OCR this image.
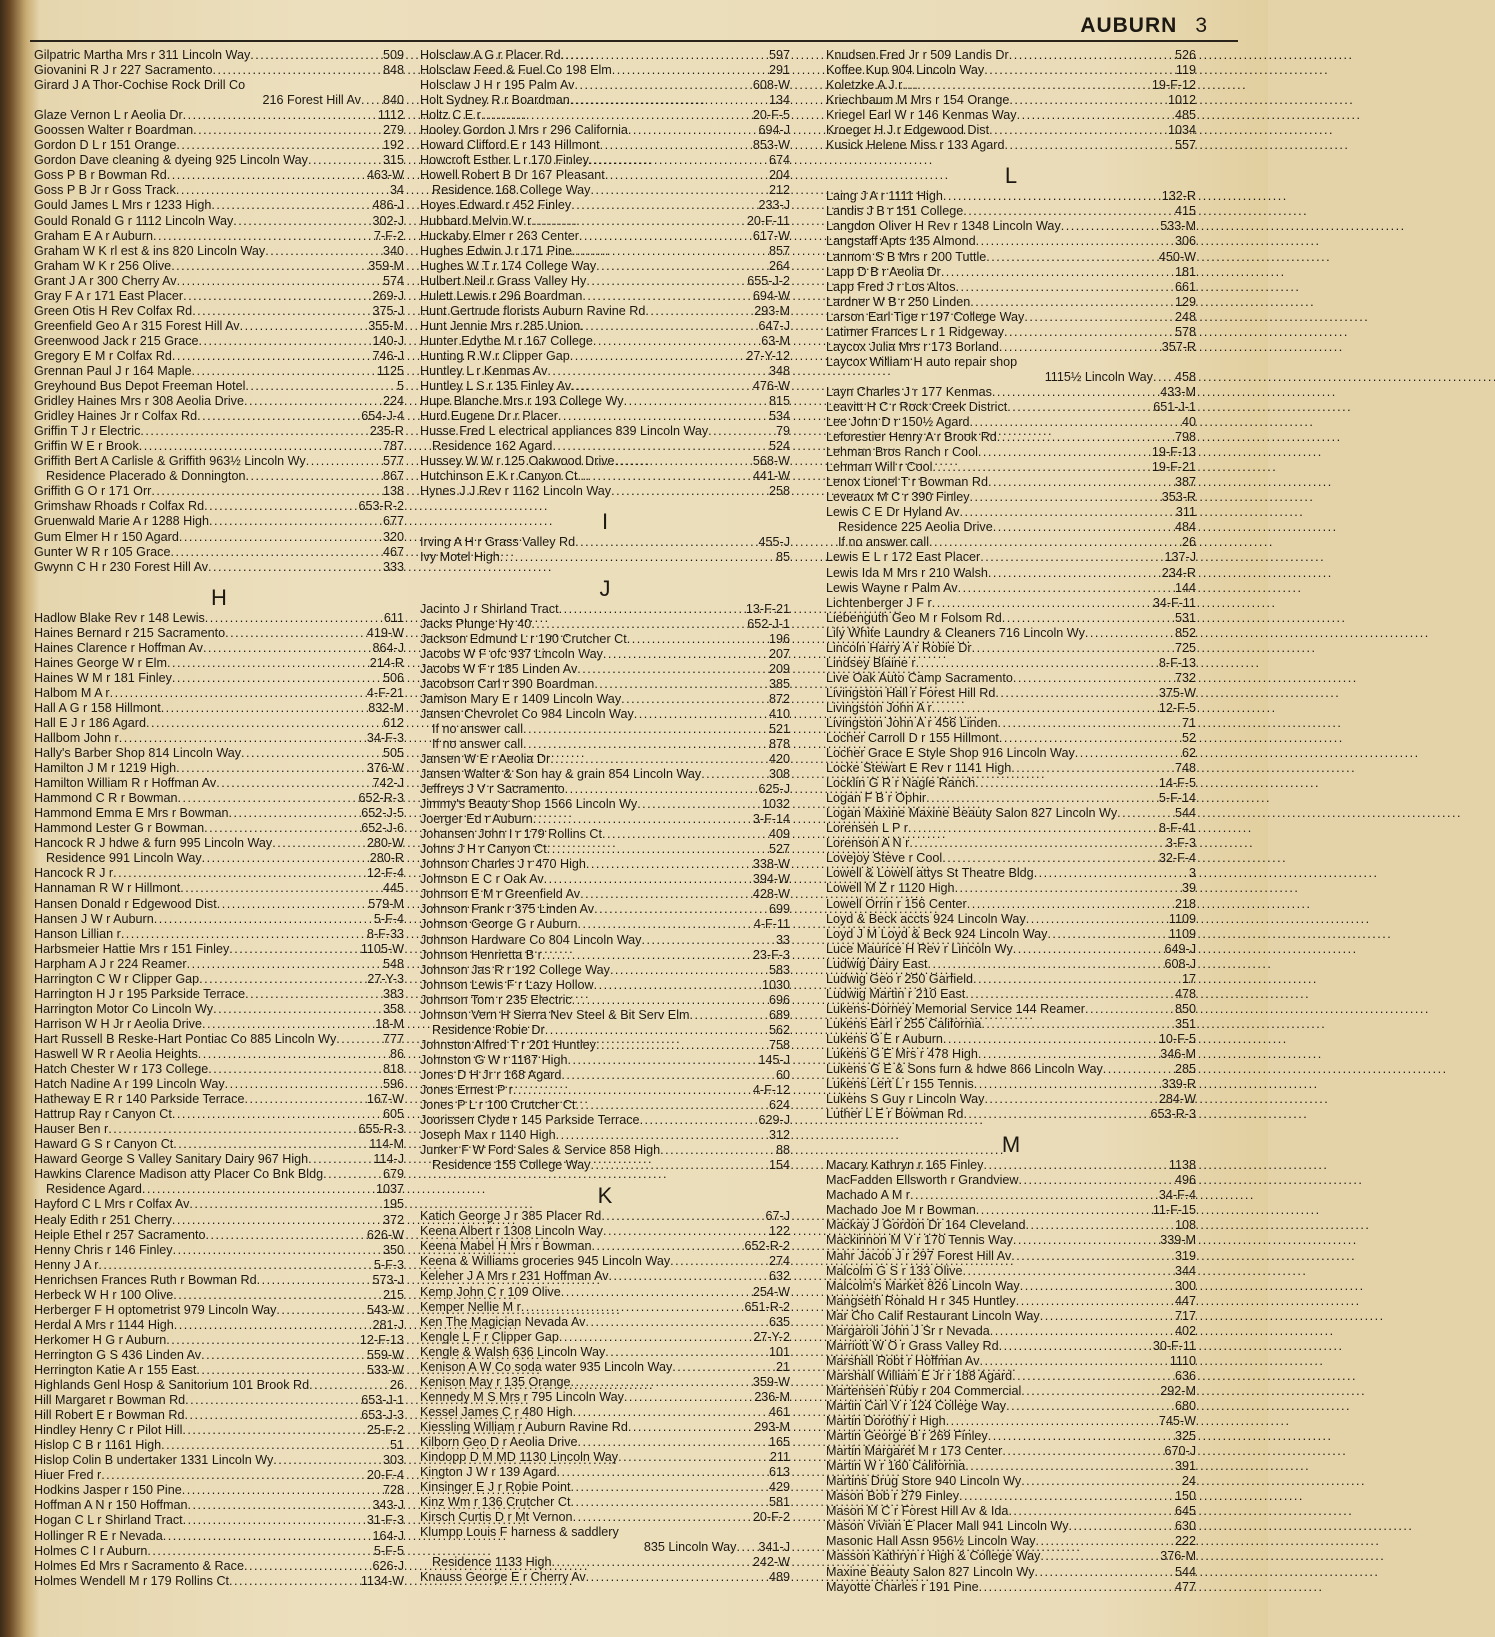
AUBURN 3
Gilpatric Martha Mrs r 311 Lincoln Way . . .	509
Giovanini R J r 227 Sacramento . . .	848
Girard J A Thor-Cochise Rock Drill Co
216 Forest Hill Av . . . 840
Glaze Vernon L r Aeolia Dr . . .	1112
Goossen Walter r Boardman . . .	279
Gordon D L r 151 Orange . . .	192
Gordon Dave cleaning & dyeing 925 Lincoln Way . . .	315
Goss P B r Bowman Rd . . .	463-W
Goss P B Jr r Goss Track . . .	34
Gould James L Mrs r 1233 High . . .	486-J
Gould Ronald G r 1112 Lincoln Way . . .	302-J
Graham E A r Auburn . . .	7-F-2
Graham W K rl est & ins 820 Lincoln Way . . .	340
Graham W K r 256 Olive . . .	359-M
Grant J A r 300 Cherry Av . . .	574
Gray F A r 171 East Placer . . .	269-J
Green Otis H Rev Colfax Rd . . .	375-J
Greenfield Geo A r 315 Forest Hill Av . . .	355-M
Greenwood Jack r 215 Grace . . .	140-J
Gregory E M r Colfax Rd . . .	746-J
Grennan Paul J r 164 Maple . . .	1125
Greyhound Bus Depot Freeman Hotel . . .	5
Gridley Haines Mrs r 308 Aeolia Drive . . .	224
Gridley Haines Jr r Colfax Rd . . .	654-J-4
Griffin T J r Electric . . .	235-R
Griffin W E r Brook . . .	787
Griffith Bert A Carlisle & Griffith 963½ Lincoln Wy . . .	577
Residence Placerado & Donnington . . .	867
Griffith G O r 171 Orr . . .	138
Grimshaw Rhoads r Colfax Rd . . .	653-R-2
Gruenwald Marie A r 1288 High . . .	677
Gum Elmer H r 150 Agard . . .	320
Gunter W R r 105 Grace . . .	467
Gwynn C H r 230 Forest Hill Av . . .	333
H
Hadlow Blake Rev r 148 Lewis . . .	611
Haines Bernard r 215 Sacramento . . .	419-W
Haines Clarence r Hoffman Av . . .	864-J
Haines George W r Elm . . .	214-R
Haines W M r 181 Finley . . .	506
Halbom M A r . . .	4-F-21
Hall A G r 158 Hillmont . . .	832-M
Hall E J r 186 Agard . . .	612
Hallbom John r . . .	34-F-3
Hally's Barber Shop 814 Lincoln Way . . .	505
Hamilton J M r 1219 High . . .	376-W
Hamilton William R r Hoffman Av . . .	742-J
Hammond C R r Bowman . . .	652-R-3
Hammond Emma E Mrs r Bowman . . .	652-J-5
Hammond Lester G r Bowman . . .	652-J-6
Hancock R J hdwe & furn 995 Lincoln Way . . .	280-W
Residence 991 Lincoln Way . . .	280-R
Hancock R J r . . .	12-F-4
Hannaman R W r Hillmont . . .	445
Hansen Donald r Edgewood Dist . . .	579-M
Hansen J W r Auburn . . .	5-F-4
Hanson Lillian r . . .	8-F-33
Harbsmeier Hattie Mrs r 151 Finley . . .	1105-W
Harpham A J r 224 Reamer . . .	548
Harrington C W r Clipper Gap . . .	27-Y-3
Harrington H J r 195 Parkside Terrace . . .	383
Harrington Motor Co Lincoln Wy . . .	358
Harrison W H Jr r Aeolia Drive . . .	18-M
Hart Russell B Reske-Hart Pontiac Co 885 Lincoln Wy . . .	777
Haswell W R r Aeolia Heights . . .	86
Hatch Chester W r 173 College . . .	818
Hatch Nadine A r 199 Lincoln Way . . .	596
Hatheway E R r 140 Parkside Terrace . . .	167-W
Hattrup Ray r Canyon Ct . . .	605
Hauser Ben r . . .	655-R-3
Haward G S r Canyon Ct . . .	114-M
Haward George S Valley Sanitary Dairy 967 High . . .	114-J
Hawkins Clarence Madison atty Placer Co Bnk Bldg . . .	679
Residence Agard . . .	1037
Hayford C L Mrs r Colfax Av . . .	195
Healy Edith r 251 Cherry . . .	372
Heiple Ethel r 257 Sacramento . . .	626-W
Henny Chris r 146 Finley . . .	350
Henny J A r . . .	5-F-3
Henrichsen Frances Ruth r Bowman Rd . . .	573-J
Herbeck W H r 100 Olive . . .	215
Herberger F H optometrist 979 Lincoln Way . . .	543-W
Herdal A Mrs r 1144 High . . .	281-J
Herkomer H G r Auburn . . .	12-F-13
Herrington G S 436 Linden Av . . .	559-W
Herrington Katie A r 155 East . . .	533-W
Highlands Genl Hosp & Sanitorium 101 Brook Rd . . .	26
Hill Margaret r Bowman Rd . . .	653-J-1
Hill Robert E r Bowman Rd . . .	653-J-3
Hindley Henry C r Pilot Hill . . .	25-F-2
Hislop C B r 1161 High . . .	51
Hislop Colin B undertaker 1331 Lincoln Wy . . .	303
Hiuer Fred r . . .	20-F-4
Hodkins Jasper r 150 Pine . . .	728
Hoffman A N r 150 Hoffman . . .	343-J
Hogan C L r Shirland Tract . . .	31-F-3
Hollinger R E r Nevada . . .	164-J
Holmes C I r Auburn . . .	5-F-5
Holmes Ed Mrs r Sacramento & Race . . .	626-J
Holmes Wendell M r 179 Rollins Ct . . .	1134-W
Holsclaw A G r Placer Rd . . .	597
Holsclaw Feed & Fuel Co 198 Elm . . .	291
Holsclaw J H r 195 Palm Av . . .	608-W
Holt Sydney R r Boardman . . .	134
Holtz C E r . . .	20-F-5
Hooley Gordon J Mrs r 296 California . . .	694-J
Howard Clifford E r 143 Hillmont . . .	853-W
Howcroft Esther L r 170 Finley . . .	674
Howell Robert B Dr 167 Pleasant . . .	204
Residence 168 College Way . . .	212
Hoyes Edward r 452 Finley . . .	233-J
Hubbard Melvin W r . . .	20-F-11
Huckaby Elmer r 263 Center . . .	617-W
Hughes Edwin J r 171 Pine . . .	857
Hughes W T r 174 College Way . . .	264
Hulbert Neil r Grass Valley Hy . . .	655-J-2
Hulett Lewis r 296 Boardman . . .	694-W
Hunt Gertrude florists Auburn Ravine Rd . . .	293-M
Hunt Jennie Mrs r 285 Union . . .	647-J
Hunter Edythe M r 167 College . . .	63-M
Hunting R W r Clipper Gap . . .	27-Y-12
Huntley L r Kenmas Av . . .	348
Huntley L S r 135 Finley Av . . .	476-W
Hupe Blanche Mrs r 193 College Wy . . .	815
Hurd Eugene Dr r Placer . . .	534
Husse Fred L electrical appliances 839 Lincoln Way . . .	79
Residence 162 Agard . . .	524
Hussey W W r 125 Oakwood Drive . . .	568-W
Hutchinson E K r Canyon Ct . . .	441-W
Hynes J J Rev r 1162 Lincoln Way . . .	258
I
Irving A H r Grass Valley Rd . . .	455-J
Ivy Motel High . . .	85
J
Jacinto J r Shirland Tract . . .	13-F-21
Jacks Plunge Hy 40 . . .	652-J-1
Jackson Edmund L r 190 Crutcher Ct . . .	196
Jacobs W F ofc 937 Lincoln Way . . .	207
Jacobs W F r 185 Linden Av . . .	209
Jacobson Carl r 390 Boardman . . .	385
Jamison Mary E r 1409 Lincoln Way . . .	872
Jansen Chevrolet Co 984 Lincoln Way . . .	410
If no answer call . . .	521
If no answer call . . .	878
Jansen W E r Aeolia Dr . . .	420
Jansen Walter & Son hay & grain 854 Lincoln Way . . .	308
Jeffreys J V r Sacramento . . .	625-J
Jimmy's Beauty Shop 1566 Lincoln Wy . . .	1032
Joerger Ed r Auburn . . .	3-F-14
Johansen John I r 179 Rollins Ct . . .	409
Johns J H r Canyon Ct . . .	527
Johnson Charles J r 470 High . . .	338-W
Johnson E C r Oak Av . . .	394-W
Johnson E M r Greenfield Av . . .	428-W
Johnson Frank r 375 Linden Av . . .	699
Johnson George G r Auburn . . .	4-F-11
Johnson Hardware Co 804 Lincoln Way . . .	33
Johnson Henrietta B r . . .	23-F-3
Johnson Jas R r 192 College Way . . .	583
Johnson Lewis F r Lazy Hollow . . .	1030
Johnson Tom r 235 Electric . . .	696
Johnson Vern H Sierra Nev Steel & Bit Serv Elm . . .	689
Residence Robie Dr . . .	562
Johnston Alfred T r 201 Huntley . . .	758
Johnston G W r 1167 High . . .	145-J
Jones D H Jr r 168 Agard . . .	60
Jones Ernest P r . . .	4-F-12
Jones P L r 100 Crutcher Ct . . .	624
Joorissen Clyde r 145 Parkside Terrace . . .	629-J
Joseph Max r 1140 High . . .	312
Junker F W Ford Sales & Service 858 High . . .	88
Residence 155 College Way . . .	154
K
Katich George J r 385 Placer Rd . . .	67-J
Keena Albert r 1308 Lincoln Way . . .	122
Keena Mabel H Mrs r Bowman . . .	652-R-2
Keena & Williams groceries 945 Lincoln Way . . .	274
Keleher J A Mrs r 231 Hoffman Av . . .	632
Kemp John C r 109 Olive . . .	254-W
Kemper Nellie M r . . .	651-R-2
Ken The Magician Nevada Av . . .	635
Kengle L F r Clipper Gap . . .	27-Y-2
Kengle & Walsh 636 Lincoln Way . . .	101
Kenison A W Co soda water 935 Lincoln Way . . .	21
Kenison May r 135 Orange . . .	359-W
Kennedy M S Mrs r 795 Lincoln Way . . .	236-M
Kessel James C r 480 High . . .	461
Kiessling William r Auburn Ravine Rd . . .	293-M
Kilborn Geo D r Aeolia Drive . . .	165
Kindopp D M MD 1130 Lincoln Way . . .	211
Kington J W r 139 Agard . . .	613
Kinsinger E J r Robie Point . . .	429
Kinz Wm r 136 Crutcher Ct . . .	581
Kirsch Curtis D r Mt Vernon . . .	20-F-2
Klumpp Louis F harness & saddlery
835 Lincoln Way . . . 341-J
Residence 1133 High . . .	242-W
Knauss George E r Cherry Av . . .	489
Knudsen Fred Jr r 509 Landis Dr . . .	526
Koffee Kup 904 Lincoln Way . . .	119
Koletzke A J r . . .	19-F-12
Kriechbaum M Mrs r 154 Orange . . .	1012
Kriegel Earl W r 146 Kenmas Way . . .	485
Kroeger H J r Edgewood Dist . . .	1034
Kusick Helene Miss r 133 Agard . . .	557
L
Laing J A r 1111 High . . .	132-R
Landis J B r 151 College . . .	415
Langdon Oliver H Rev r 1348 Lincoln Way . . .	533-M
Langstaff Apts 135 Almond . . .	306
Lannom S B Mrs r 200 Tuttle . . .	450-W
Lapp D B r Aeolia Dr . . .	181
Lapp Fred J r Los Altos . . .	661
Lardner W B r 250 Linden . . .	129
Larson Earl Tige r 197 College Way . . .	248
Latimer Frances L r 1 Ridgeway . . .	578
Laycox Julia Mrs r 173 Borland . . .	357-R
Laycox William H auto repair shop
1115½ Lincoln Way . . . 458
Layn Charles J r 177 Kenmas . . .	433-M
Leavitt H C r Rock Creek District . . .	651-J-1
Lee John D r 150½ Agard . . .	40
Leforestier Henry A r Brook Rd . . .	798
Lehman Bros Ranch r Cool . . .	19-F-13
Lehman Will r Cool . . .	19-F-21
Lenox Lionel T r Bowman Rd . . .	387
Leveaux M C r 390 Finley . . .	353-R
Lewis C E Dr Hyland Av . . .	311
Residence 225 Aeolia Drive . . .	484
If no answer call . . .	26
Lewis E L r 172 East Placer . . .	137-J
Lewis Ida M Mrs r 210 Walsh . . .	234-R
Lewis Wayne r Palm Av . . .	144
Lichtenberger J F r . . .	34-F-11
Liebenguth Geo M r Folsom Rd . . .	531
Lily White Laundry & Cleaners 716 Lincoln Wy . . .	852
Lincoln Harry A r Robie Dr . . .	725
Lindsey Blaine r . . .	8-F-13
Live Oak Auto Camp Sacramento . . .	732
Livingston Hall r Forest Hill Rd . . .	375-W
Livingston John A r . . .	12-F-5
Livingston John A r 456 Linden . . .	71
Locher Carroll D r 155 Hillmont . . .	52
Locher Grace E Style Shop 916 Lincoln Way . . .	62
Locke Stewart E Rev r 1141 High . . .	748
Locklin G R r Nagle Ranch . . .	14-F-5
Logan F B r Ophir . . .	5-F-14
Logan Maxine Maxine Beauty Salon 827 Lincoln Wy . . .	544
Lorensen L P r . . .	8-F-41
Lorenson A N r . . .	3-F-3
Lovejoy Steve r Cool . . .	32-F-4
Lowell & Lowell attys St Theatre Bldg . . .	3
Lowell M Z r 1120 High . . .	39
Lowell Orrin r 156 Center . . .	218
Loyd & Beck accts 924 Lincoln Way . . .	1109
Loyd J M Loyd & Beck 924 Lincoln Way . . .	1109
Luce Maurice H Rev r Lincoln Wy . . .	649-J
Ludwig Dairy East . . .	608-J
Ludwig Geo r 250 Garfield . . .	17
Ludwig Martin r 210 East . . .	478
Lukens-Dorney Memorial Service 144 Reamer . . .	850
Lukens Earl r 255 California . . .	351
Lukens G E r Auburn . . .	10-F-5
Lukens G E Mrs r 478 High . . .	346-M
Lukens G E & Sons furn & hdwe 866 Lincoln Way . . .	285
Lukens Lert L r 155 Tennis . . .	339-R
Lukens S Guy r Lincoln Way . . .	284-W
Luther L E r Bowman Rd . . .	653-R-3
M
Macary Kathryn r 165 Finley . . .	1138
MacFadden Ellsworth r Grandview . . .	496
Machado A M r . . .	34-F-4
Machado Joe M r Bowman . . .	11-F-15
Mackay J Gordon Dr 164 Cleveland . . .	108
Mackinnon M V r 170 Tennis Way . . .	339-M
Mahr Jacob J r 297 Forest Hill Av . . .	319
Malcolm G S r 133 Olive . . .	344
Malcolm's Market 826 Lincoln Way . . .	300
Mangseth Ronald H r 345 Huntley . . .	447
Mar Cho Calif Restaurant Lincoln Way . . .	717
Margaroli John J Sr r Nevada . . .	402
Marriott W O r Grass Valley Rd . . .	30-F-11
Marshall Robt r Hoffman Av . . .	1110
Marshall William E Jr r 188 Agard . . .	636
Martensen Ruby r 204 Commercial . . .	292-M
Martin Carl V r 124 College Way . . .	680
Martin Dorothy r High . . .	745-W
Martin George B r 269 Finley . . .	325
Martin Margaret M r 173 Center . . .	670-J
Martin W r 160 California . . .	391
Martins Drug Store 940 Lincoln Wy . . .	24
Mason Bob r 279 Finley . . .	150
Mason M C r Forest Hill Av & Ida . . .	645
Mason Vivian E Placer Mall 941 Lincoln Wy . . .	630
Masonic Hall Assn 956½ Lincoln Way . . .	222
Masson Kathryn r High & College Way . . .	376-M
Maxine Beauty Salon 827 Lincoln Wy . . .	544
Mayotte Charles r 191 Pine . . .	477
